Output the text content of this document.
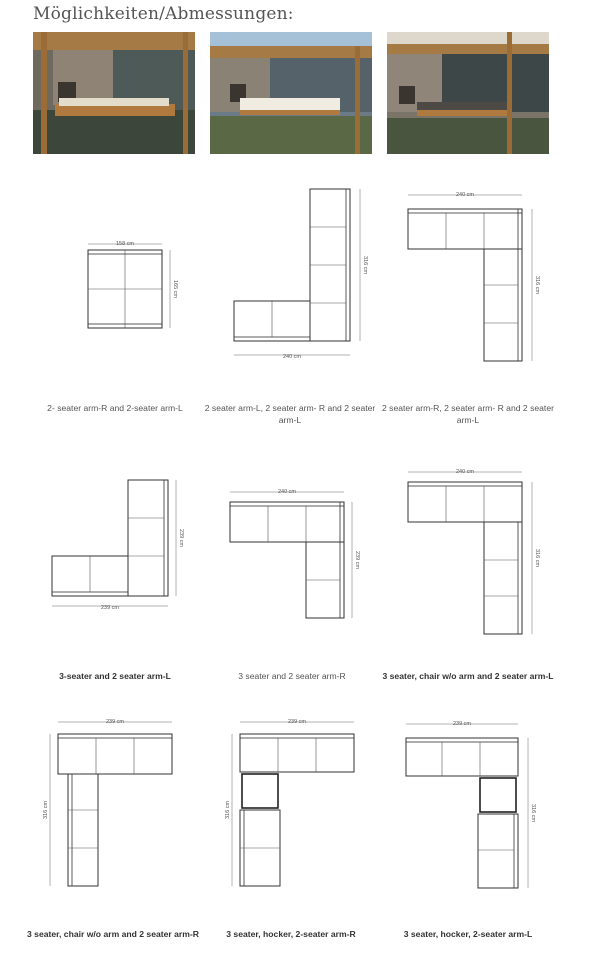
Möglichkeiten/Abmessungen:
158 cm
165 cm
2- seater arm-R and 2-seater arm-L
240 cm
316 cm
2 seater arm-L, 2 seater arm- R and 2 seater arm-L
240 cm
316 cm
2 seater arm-R, 2 seater arm- R and 2 seater arm-L
239 cm
239 cm
3-seater and 2 seater arm-L
240 cm
239 cm
3 seater and 2 seater arm-R
240 cm
316 cm
3 seater, chair w/o arm and 2 seater arm-L
239 cm
316 cm
3 seater, chair w/o arm and 2 seater arm-R
239 cm
316 cm
3 seater, hocker, 2-seater arm-R
239 cm
316 cm
3 seater, hocker, 2-seater arm-L
